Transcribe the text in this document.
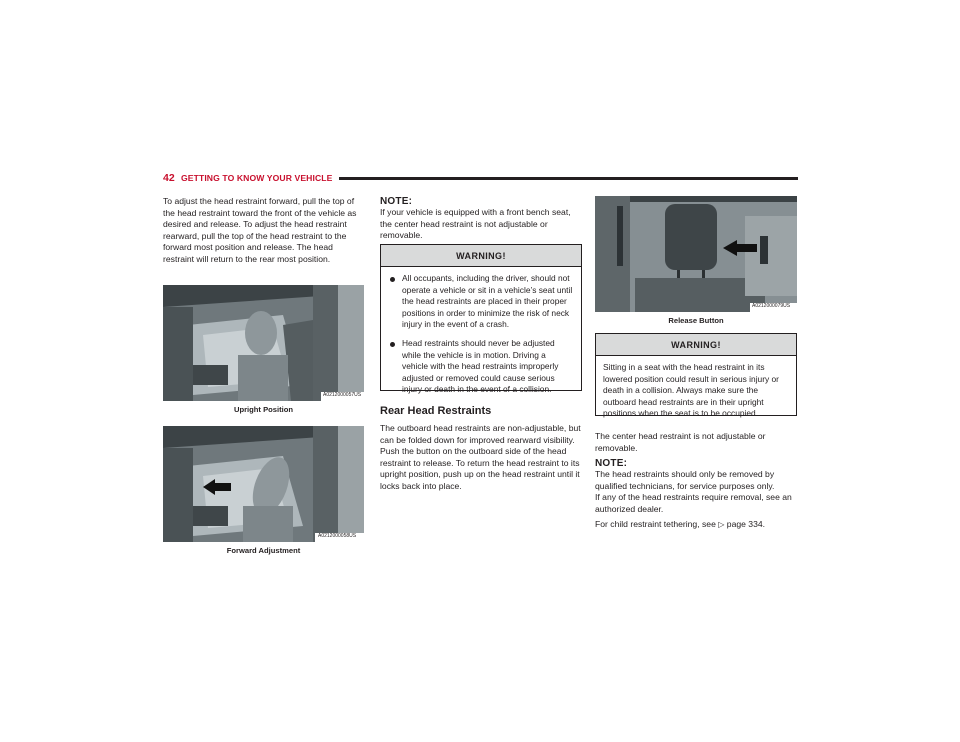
42 GETTING TO KNOW YOUR VEHICLE
To adjust the head restraint forward, pull the top of the head restraint toward the front of the vehicle as desired and release. To adjust the head restraint rearward, pull the top of the head restraint to the forward most position and release. The head restraint will return to the rear most position.
A0212000057US
Upright Position
A0212000058US
Forward Adjustment
NOTE:
If your vehicle is equipped with a front bench seat, the center head restraint is not adjustable or removable.
WARNING!
All occupants, including the driver, should not operate a vehicle or sit in a vehicle’s seat until the head restraints are placed in their proper positions in order to minimize the risk of neck injury in the event of a crash.
Head restraints should never be adjusted while the vehicle is in motion. Driving a vehicle with the head restraints improperly adjusted or removed could cause serious injury or death in the event of a collision.
Rear Head Restraints
The outboard head restraints are non-adjustable, but can be folded down for improved rearward visibility. Push the button on the outboard side of the head restraint to release. To return the head restraint to its upright position, push up on the head restraint until it locks back into place.
A0212000079US
Release Button
WARNING!
Sitting in a seat with the head restraint in its lowered position could result in serious injury or death in a collision. Always make sure the outboard head restraints are in their upright positions when the seat is to be occupied.
The center head restraint is not adjustable or removable.
NOTE:
The head restraints should only be removed by qualified technicians, for service purposes only.
If any of the head restraints require removal, see an authorized dealer.
For child restraint tethering, see ▷ page 334.
